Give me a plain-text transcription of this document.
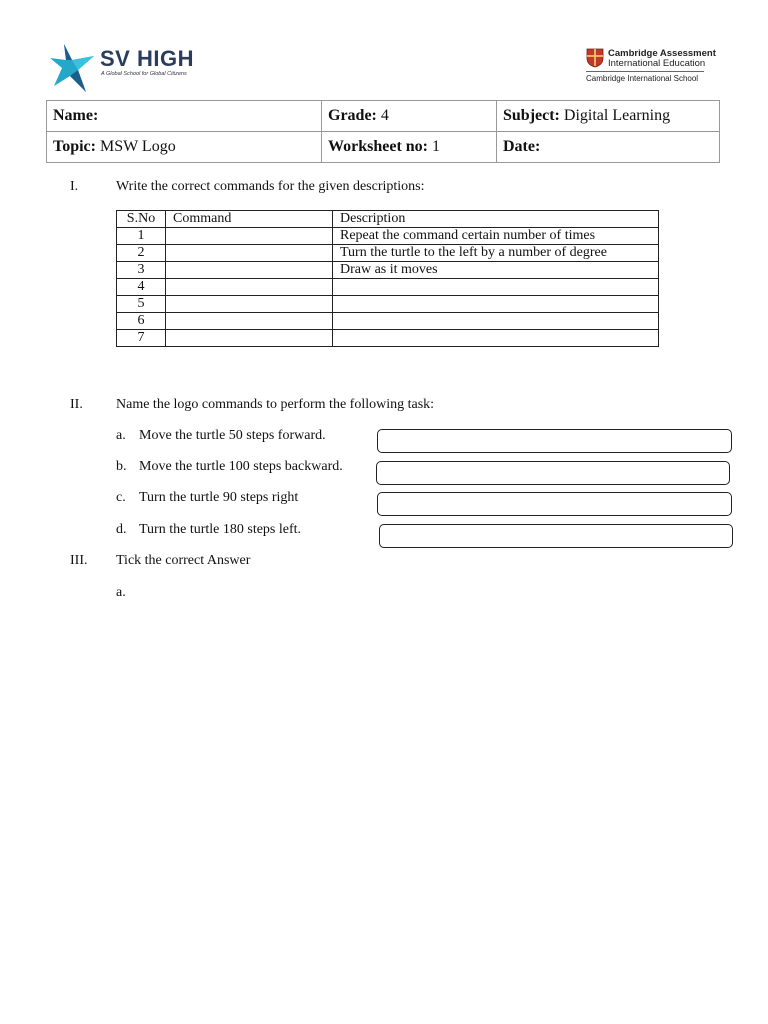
SV HIGH
A Global School for Global Citizens
Cambridge Assessment
International Education
Cambridge International School
Name:	Grade: 4	Subject: Digital Learning
Topic: MSW Logo	Worksheet no: 1	Date:
I.	Write the correct commands for the given descriptions:
S.No	Command	Description
1		Repeat the command certain number of times
2		Turn the turtle to the left by a number of degree
3		Draw as it moves
4		
5		
6		
7		
II. Name the logo commands to perform the following task:
a. Move the turtle 50 steps forward.
b. Move the turtle 100 steps backward.
c. Turn the turtle 90 steps right
d. Turn the turtle 180 steps left.
III. Tick the correct Answer
a.
